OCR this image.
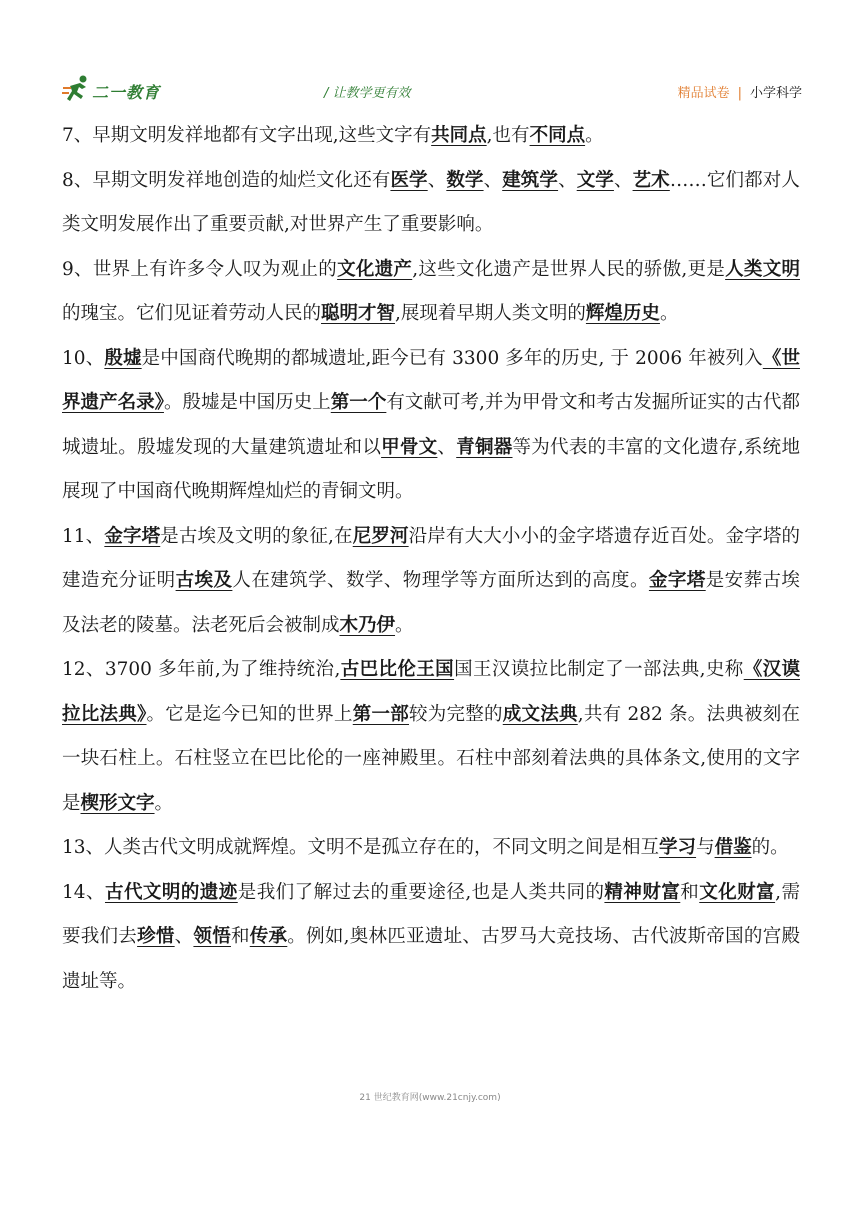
二一教育	/ 让教学更有效	精品试卷 | 小学科学

7、早期文明发祥地都有文字出现,这些文字有共同点,也有不同点。

8、早期文明发祥地创造的灿烂文化还有医学、数学、建筑学、文学、艺术……它们都对人类文明发展作出了重要贡献,对世界产生了重要影响。

9、世界上有许多令人叹为观止的文化遗产,这些文化遗产是世界人民的骄傲,更是人类文明的瑰宝。它们见证着劳动人民的聪明才智,展现着早期人类文明的辉煌历史。

10、殷墟是中国商代晚期的都城遗址,距今已有 3300 多年的历史, 于 2006 年被列入《世界遗产名录》。殷墟是中国历史上第一个有文献可考,并为甲骨文和考古发掘所证实的古代都城遗址。殷墟发现的大量建筑遗址和以甲骨文、青铜器等为代表的丰富的文化遗存,系统地展现了中国商代晚期辉煌灿烂的青铜文明。

11、金字塔是古埃及文明的象征,在尼罗河沿岸有大大小小的金字塔遗存近百处。金字塔的建造充分证明古埃及人在建筑学、数学、物理学等方面所达到的高度。金字塔是安葬古埃及法老的陵墓。法老死后会被制成木乃伊。

12、3700 多年前,为了维持统治,古巴比伦王国国王汉谟拉比制定了一部法典,史称《汉谟拉比法典》。它是迄今已知的世界上第一部较为完整的成文法典,共有 282 条。法典被刻在一块石柱上。石柱竖立在巴比伦的一座神殿里。石柱中部刻着法典的具体条文,使用的文字是楔形文字。

13、人类古代文明成就辉煌。文明不是孤立存在的，不同文明之间是相互学习与借鉴的。

14、古代文明的遗迹是我们了解过去的重要途径,也是人类共同的精神财富和文化财富,需要我们去珍惜、领悟和传承。例如,奥林匹亚遗址、古罗马大竞技场、古代波斯帝国的宫殿遗址等。

21 世纪教育网(www.21cnjy.com)
